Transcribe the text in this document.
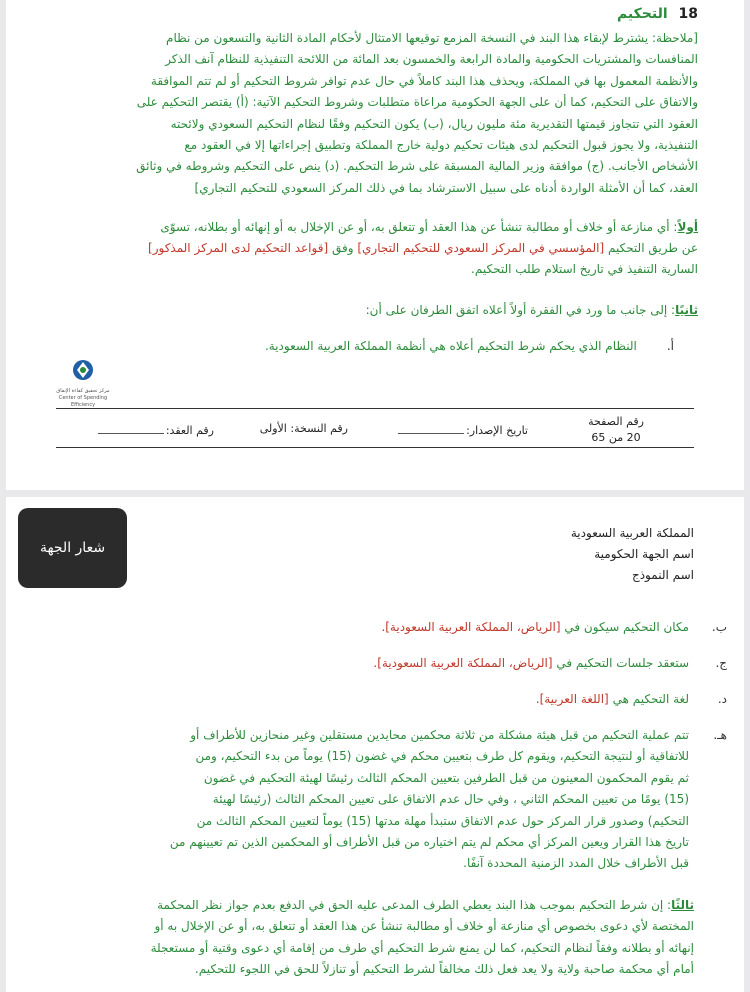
18 التحكيم
[ملاحظة: يشترط لإبقاء هذا البند في النسخة المزمع توقيعها الامتثال لأحكام المادة الثانية والتسعون من نظام
المنافسات والمشتريات الحكومية والمادة الرابعة والخمسون بعد المائة من اللائحة التنفيذية للنظام آنف الذكر
والأنظمة المعمول بها في المملكة، ويحذف هذا البند كاملاً في حال عدم توافر شروط التحكيم أو لم تتم الموافقة
والاتفاق على التحكيم، كما أن على الجهة الحكومية مراعاة متطلبات وشروط التحكيم الآتية: (أ) يقتصر التحكيم على
العقود التي تتجاوز قيمتها التقديرية مئة مليون ريال، (ب) يكون التحكيم وفقًا لنظام التحكيم السعودي ولائحته
التنفيذية، ولا يجوز قبول التحكيم لدى هيئات تحكيم دولية خارج المملكة وتطبيق إجراءاتها إلا في العقود مع
الأشخاص الأجانب. (ج) موافقة وزير المالية المسبقة على شرط التحكيم. (د) ينص على التحكيم وشروطه في وثائق
العقد، كما أن الأمثلة الواردة أدناه على سبيل الاسترشاد بما في ذلك المركز السعودي للتحكيم التجاري]
أولاً: أي منازعة أو خلاف أو مطالبة تنشأ عن هذا العقد أو تتعلق به، أو عن الإخلال به أو إنهائه أو بطلانه، تسوّى
عن طريق التحكيم [المؤسسي في المركز السعودي للتحكيم التجاري] وفق [قواعد التحكيم لدى المركز المذكور]
السارية التنفيذ في تاريخ استلام طلب التحكيم.
ثانيًا: إلى جانب ما ورد في الفقرة أولاً أعلاه اتفق الطرفان على أن:
أ.النظام الذي يحكم شرط التحكيم أعلاه هي أنظمة المملكة العربية السعودية.
مركز تحقيق كفاءة الإنفاق
Center of Spending Efficiency
رقم الصفحة
20 من 65
تاريخ الإصدار:
رقم النسخة: الأولى
رقم العقد:
المملكة العربية السعودية
اسم الجهة الحكومية
اسم النموذج
شعار الجهة
ب.
مكان التحكيم سيكون في [الرياض، المملكة العربية السعودية].
ج.
ستعقد جلسات التحكيم في [الرياض، المملكة العربية السعودية].
د.
لغة التحكيم هي [اللغة العربية].
هـ.
تتم عملية التحكيم من قبل هيئة مشكلة من ثلاثة محكمين محايدين مستقلين وغير منحازين للأطراف أو
للاتفاقية أو لنتيجة التحكيم، ويقوم كل طرف بتعيين محكم في غضون (15) يوماً من بدء التحكيم، ومن
ثم يقوم المحكمون المعينون من قبل الطرفين بتعيين المحكم الثالث رئيسًا لهيئة التحكيم في غضون
(15) يومًا من تعيين المحكم الثاني ، وفي حال عدم الاتفاق على تعيين المحكم الثالث (رئيسًا لهيئة
التحكيم) وصدور قرار المركز حول عدم الاتفاق ستبدأ مهلة مدتها (15) يوماً لتعيين المحكم الثالث من
تاريخ هذا القرار ويعين المركز أي محكم لم يتم اختياره من قبل الأطراف أو المحكمين الذين تم تعيينهم من
قبل الأطراف خلال المدد الزمنية المحددة آنفًا.
ثالثًا: إن شرط التحكيم بموجب هذا البند يعطي الطرف المدعى عليه الحق في الدفع بعدم جواز نظر المحكمة
المختصة لأي دعوى بخصوص أي منازعة أو خلاف أو مطالبة تنشأ عن هذا العقد أو تتعلق به، أو عن الإخلال به أو
إنهائه أو بطلانه وفقاً لنظام التحكيم، كما لن يمنع شرط التحكيم أي طرف من إقامة أي دعوى وقتية أو مستعجلة
أمام أي محكمة صاحبة ولاية ولا يعد فعل ذلك مخالفاً لشرط التحكيم أو تنازلاً للحق في اللجوء للتحكيم.
